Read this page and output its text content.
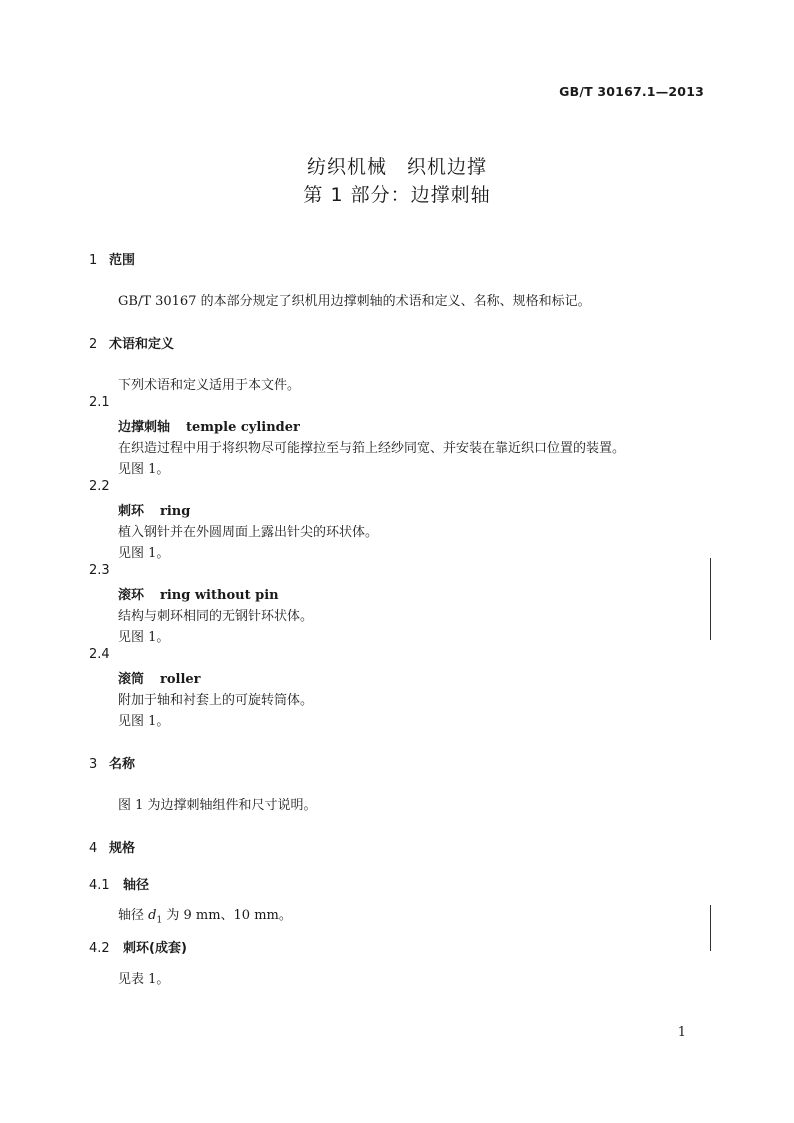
GB/T 30167.1—2013
纺织机械　织机边撑
第 1 部分：边撑刺轴
1 范围
GB/T 30167 的本部分规定了织机用边撑刺轴的术语和定义、名称、规格和标记。
2 术语和定义
下列术语和定义适用于本文件。
2.1
边撑刺轴 temple cylinder
在织造过程中用于将织物尽可能撑拉至与筘上经纱同宽、并安装在靠近织口位置的装置。
见图 1。
2.2
刺环 ring
植入钢针并在外圆周面上露出针尖的环状体。
见图 1。
2.3
滚环 ring without pin
结构与刺环相同的无钢针环状体。
见图 1。
2.4
滚筒 roller
附加于轴和衬套上的可旋转筒体。
见图 1。
3 名称
图 1 为边撑刺轴组件和尺寸说明。
4 规格
4.1 轴径
轴径 $d_1$ 为 9 mm、10 mm。
4.2 刺环(成套)
见表 1。
1
